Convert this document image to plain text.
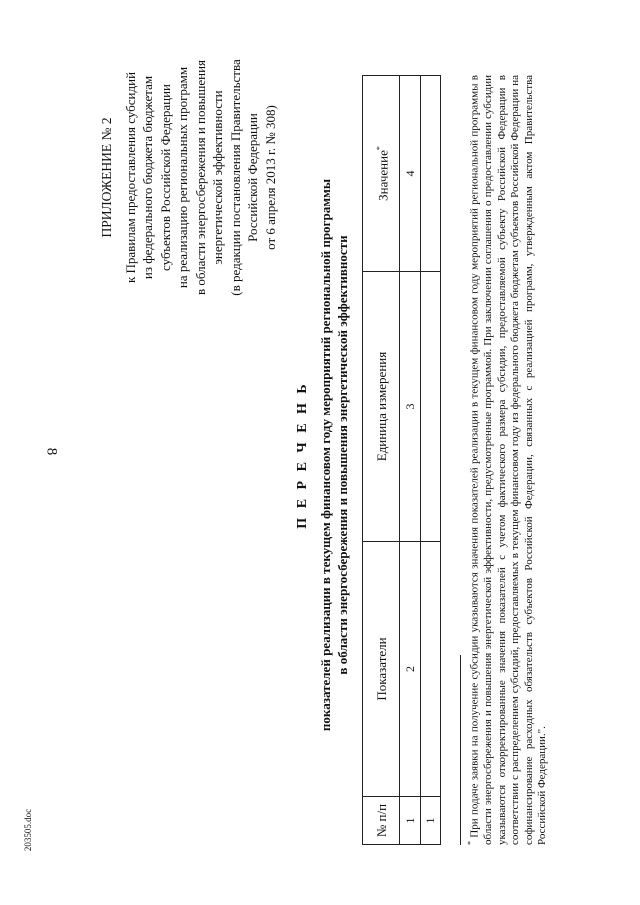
8
203505.doc
ПРИЛОЖЕНИЕ № 2 к Правилам предоставления субсидий из федерального бюджета бюджетам субъектов Российской Федерации на реализацию региональных программ в области энергосбережения и повышения энергетической эффективности (в редакции постановления Правительства Российской Федерации от 6 апреля 2013 г. № 308)
П Е Р Е Ч Е Н Ь показателей реализации в текущем финансовом году мероприятий региональной программы в области энергосбережения и повышения энергетической эффективности
№ п/п	Показатели	Единица измерения	Значение*
1	2	3	4
1			
* При подаче заявки на получение субсидии указываются значения показателей реализации в текущем финансовом году мероприятий региональной программы в области энергосбережения и повышения энергетической эффективности, предусмотренные программой. При заключении соглашения о предоставлении субсидии указываются откорректированные значения показателей с учетом фактического размера субсидии, предоставляемой субъекту Российской Федерации в соответствии с распределением субсидий, предоставляемых в текущем финансовом году из федерального бюджета бюджетам субъектов Российской Федерации на софинансирование расходных обязательств субъектов Российской Федерации, связанных с реализацией программ, утвержденным актом Правительства Российской Федерации.".
